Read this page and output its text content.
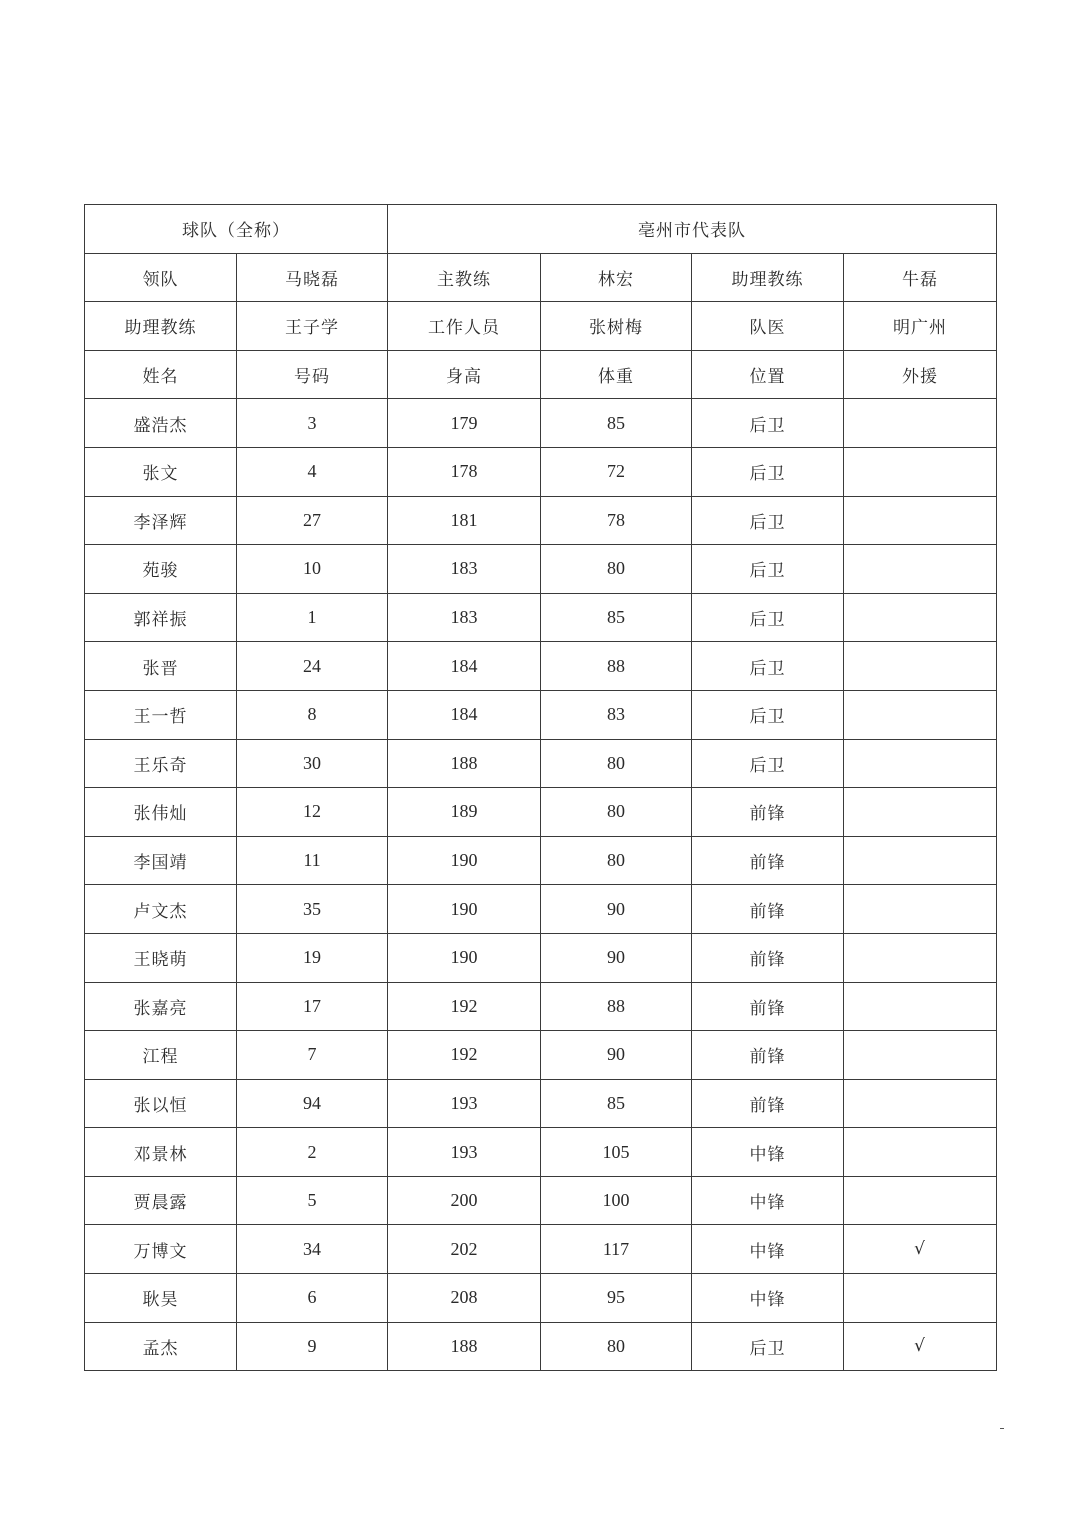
球队（全称）		亳州市代表队			
领队	马晓磊	主教练	林宏	助理教练	牛磊
助理教练	王子学	工作人员	张树梅	队医	明广州
姓名	号码	身高	体重	位置	外援
盛浩杰	3	179	85	后卫	
张文	4	178	72	后卫	
李泽辉	27	181	78	后卫	
苑骏	10	183	80	后卫	
郭祥振	1	183	85	后卫	
张晋	24	184	88	后卫	
王一哲	8	184	83	后卫	
王乐奇	30	188	80	后卫	
张伟灿	12	189	80	前锋	
李国靖	11	190	80	前锋	
卢文杰	35	190	90	前锋	
王晓萌	19	190	90	前锋	
张嘉亮	17	192	88	前锋	
江程	7	192	90	前锋	
张以恒	94	193	85	前锋	
邓景林	2	193	105	中锋	
贾晨露	5	200	100	中锋	
万博文	34	202	117	中锋	√
耿昊	6	208	95	中锋	
孟杰	9	188	80	后卫	√
